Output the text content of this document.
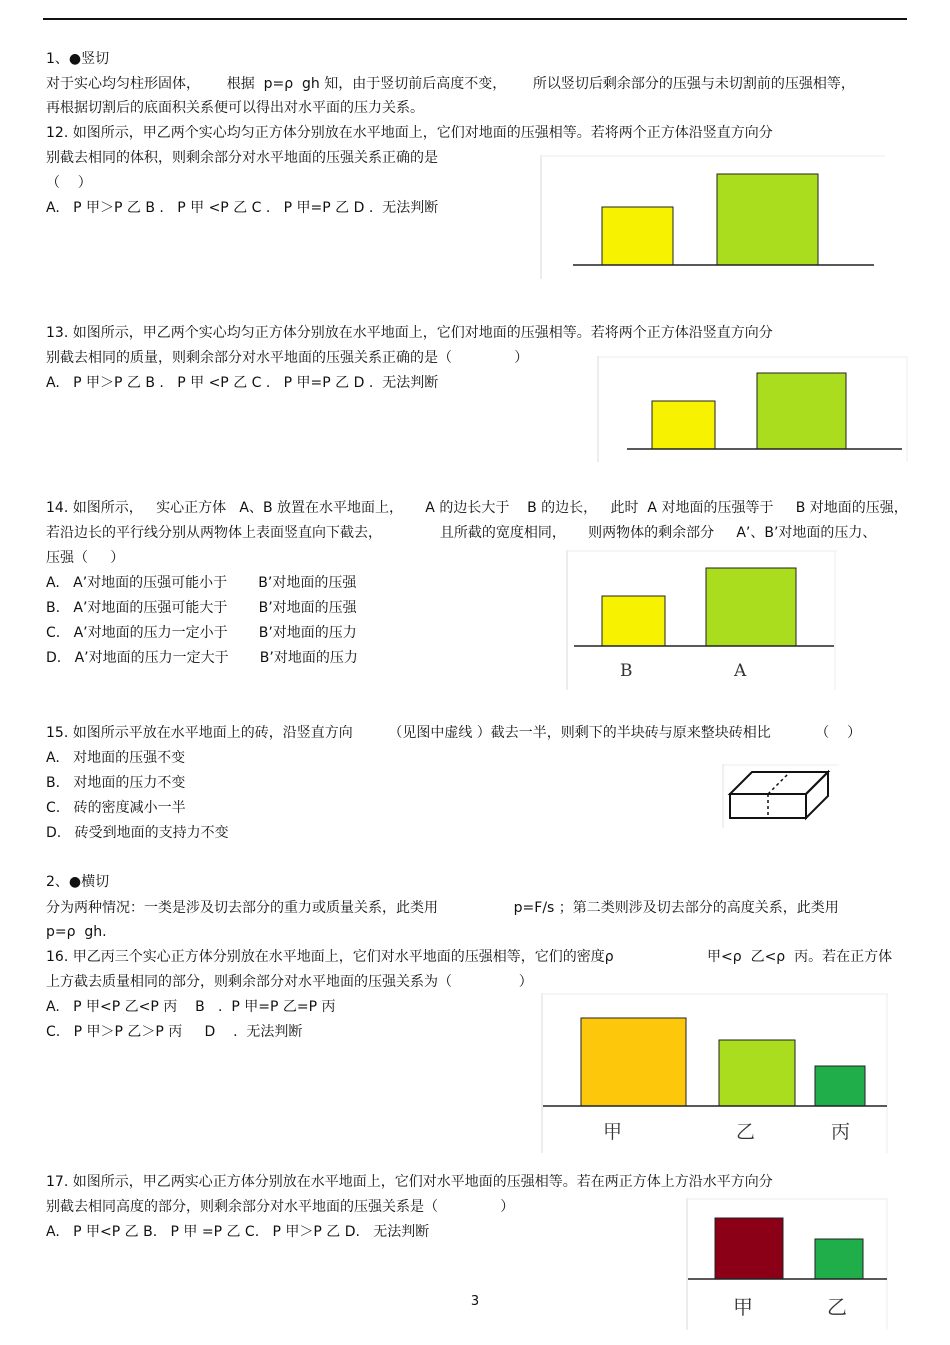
1、●竖切
对于实心均匀柱形固体，      根据  p=ρ  gh 知，由于竖切前后高度不变，      所以竖切后剩余部分的压强与未切割前的压强相等，
再根据切割后的底面积关系便可以得出对水平面的压力关系。
12. 如图所示，甲乙两个实心均匀正方体分别放在水平地面上，它们对地面的压强相等。若将两个正方体沿竖直方向分
别截去相同的体积，则剩余部分对水平地面的压强关系正确的是
（    ）
A.   P 甲＞P 乙 B .   P 甲 <P 乙 C .   P 甲=P 乙 D .  无法判断
13. 如图所示，甲乙两个实心均匀正方体分别放在水平地面上，它们对地面的压强相等。若将两个正方体沿竖直方向分
别截去相同的质量，则剩余部分对水平地面的压强关系正确的是（              ）
A.   P 甲＞P 乙 B .   P 甲 <P 乙 C .   P 甲=P 乙 D .  无法判断
14. 如图所示，   实心正方体   A、B 放置在水平地面上，     A 的边长大于    B 的边长，   此时  A 对地面的压强等于     B 对地面的压强，
若沿边长的平行线分别从两物体上表面竖直向下截去，             且所截的宽度相同，     则两物体的剩余部分     A’、B’对地面的压力、
压强（     ）
A.   A’对地面的压强可能小于       B’对地面的压强
B.   A’对地面的压强可能大于       B’对地面的压强
C.   A’对地面的压力一定小于       B’对地面的压力
D.   A’对地面的压力一定大于       B’对地面的压力
B	A
15. 如图所示平放在水平地面上的砖，沿竖直方向        （见图中虚线 ）截去一半，则剩下的半块砖与原来整块砖相比          （    ）
A.   对地面的压强不变
B.   对地面的压力不变
C.   砖的密度减小一半
D.   砖受到地面的支持力不变
2、●横切
分为两种情况：一类是涉及切去部分的重力或质量关系，此类用                 p=F/s ；第二类则涉及切去部分的高度关系，此类用
p=ρ  gh.
16. 甲乙丙三个实心正方体分别放在水平地面上，它们对水平地面的压强相等，它们的密度ρ                     甲<ρ  乙<ρ  丙。若在正方体
上方截去质量相同的部分，则剩余部分对水平地面的压强关系为（               ）
A.   P 甲<P 乙<P 丙    B   .  P 甲=P 乙=P 丙
C.   P 甲＞P 乙＞P 丙     D    .  无法判断
甲	乙	丙
17. 如图所示，甲乙两实心正方体分别放在水平地面上，它们对水平地面的压强相等。若在两正方体上方沿水平方向分
别截去相同高度的部分，则剩余部分对水平地面的压强关系是（              ）
A.   P 甲<P 乙 B.   P 甲 =P 乙 C.   P 甲＞P 乙 D.   无法判断
甲	乙
3
